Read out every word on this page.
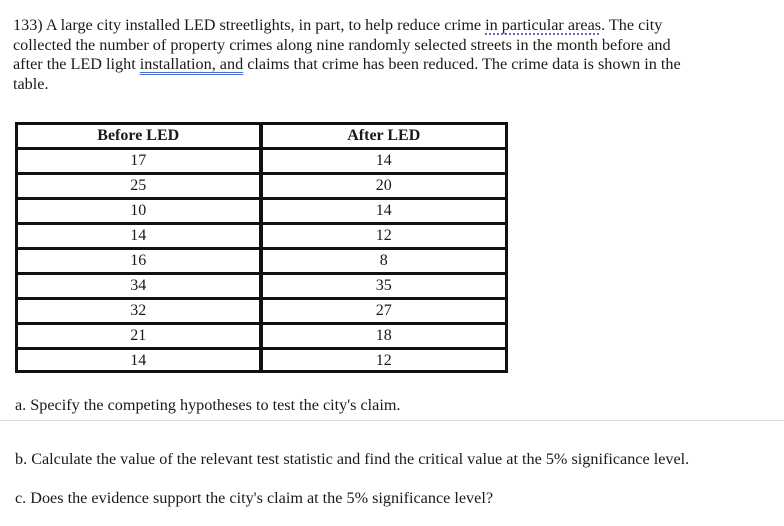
133) A large city installed LED streetlights, in part, to help reduce crime in particular areas. The city
collected the number of property crimes along nine randomly selected streets in the month before and
after the LED light installation, and claims that crime has been reduced. The crime data is shown in the
table.
Before LED	After LED
17	14
25	20
10	14
14	12
16	8
34	35
32	27
21	18
14	12
a. Specify the competing hypotheses to test the city's claim.
b. Calculate the value of the relevant test statistic and find the critical value at the 5% significance level.
c. Does the evidence support the city's claim at the 5% significance level?
